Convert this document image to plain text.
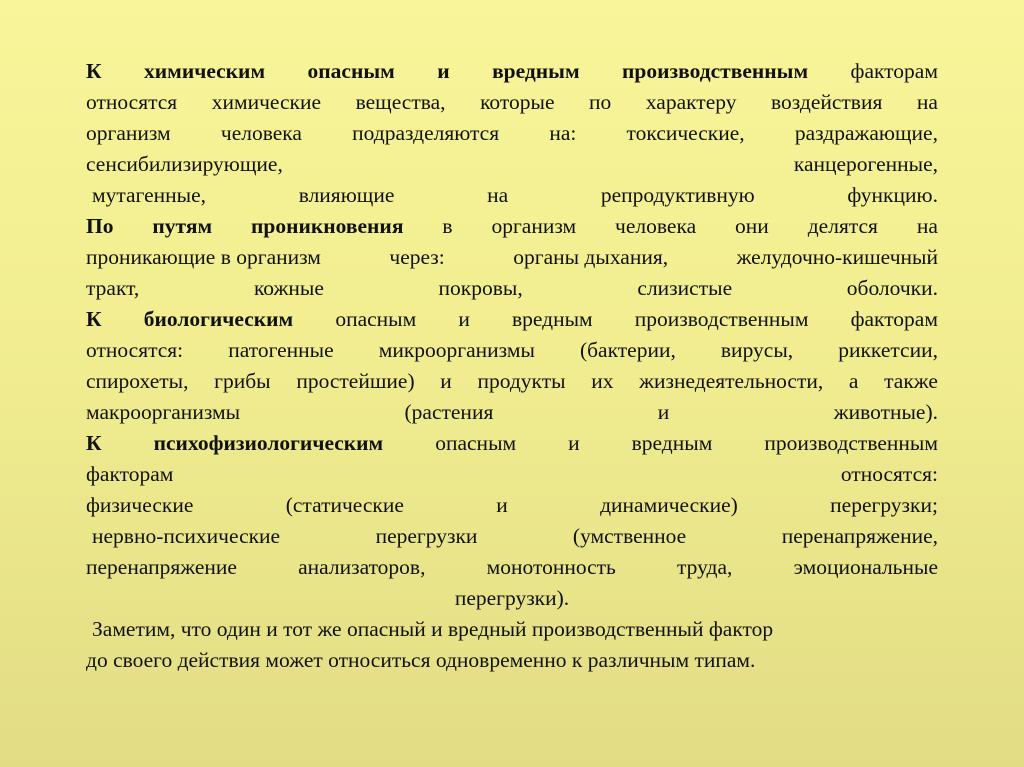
К химическим опасным и вредным производственным факторам
относятся химические вещества, которые по характеру воздействия на
организм человека подразделяются на: токсические, раздражающие,
сенсибилизирующие,	канцерогенные,
мутагенные,	влияющие	на	репродуктивную	функцию.
По путям проникновения в организм человека они делятся на
проникающие в организм	через:	органы дыхания,	желудочно-кишечный
тракт,	кожные	покровы,	слизистые	оболочки.
К биологическим опасным и вредным производственным факторам
относятся: патогенные микроорганизмы (бактерии, вирусы, риккетсии,
спирохеты, грибы простейшие) и продукты их жизнедеятельности, а также
макроорганизмы	(растения	и	животные).
К психофизиологическим опасным и вредным производственным
факторам	относятся:
физические	(статические	и	динамические)	перегрузки;
нервно-психические	перегрузки	(умственное	перенапряжение,
перенапряжение	анализаторов,	монотонность	труда,	эмоциональные
перегрузки).
Заметим, что один и тот же опасный и вредный производственный фактор
до своего действия может относиться одновременно к различным типам.
